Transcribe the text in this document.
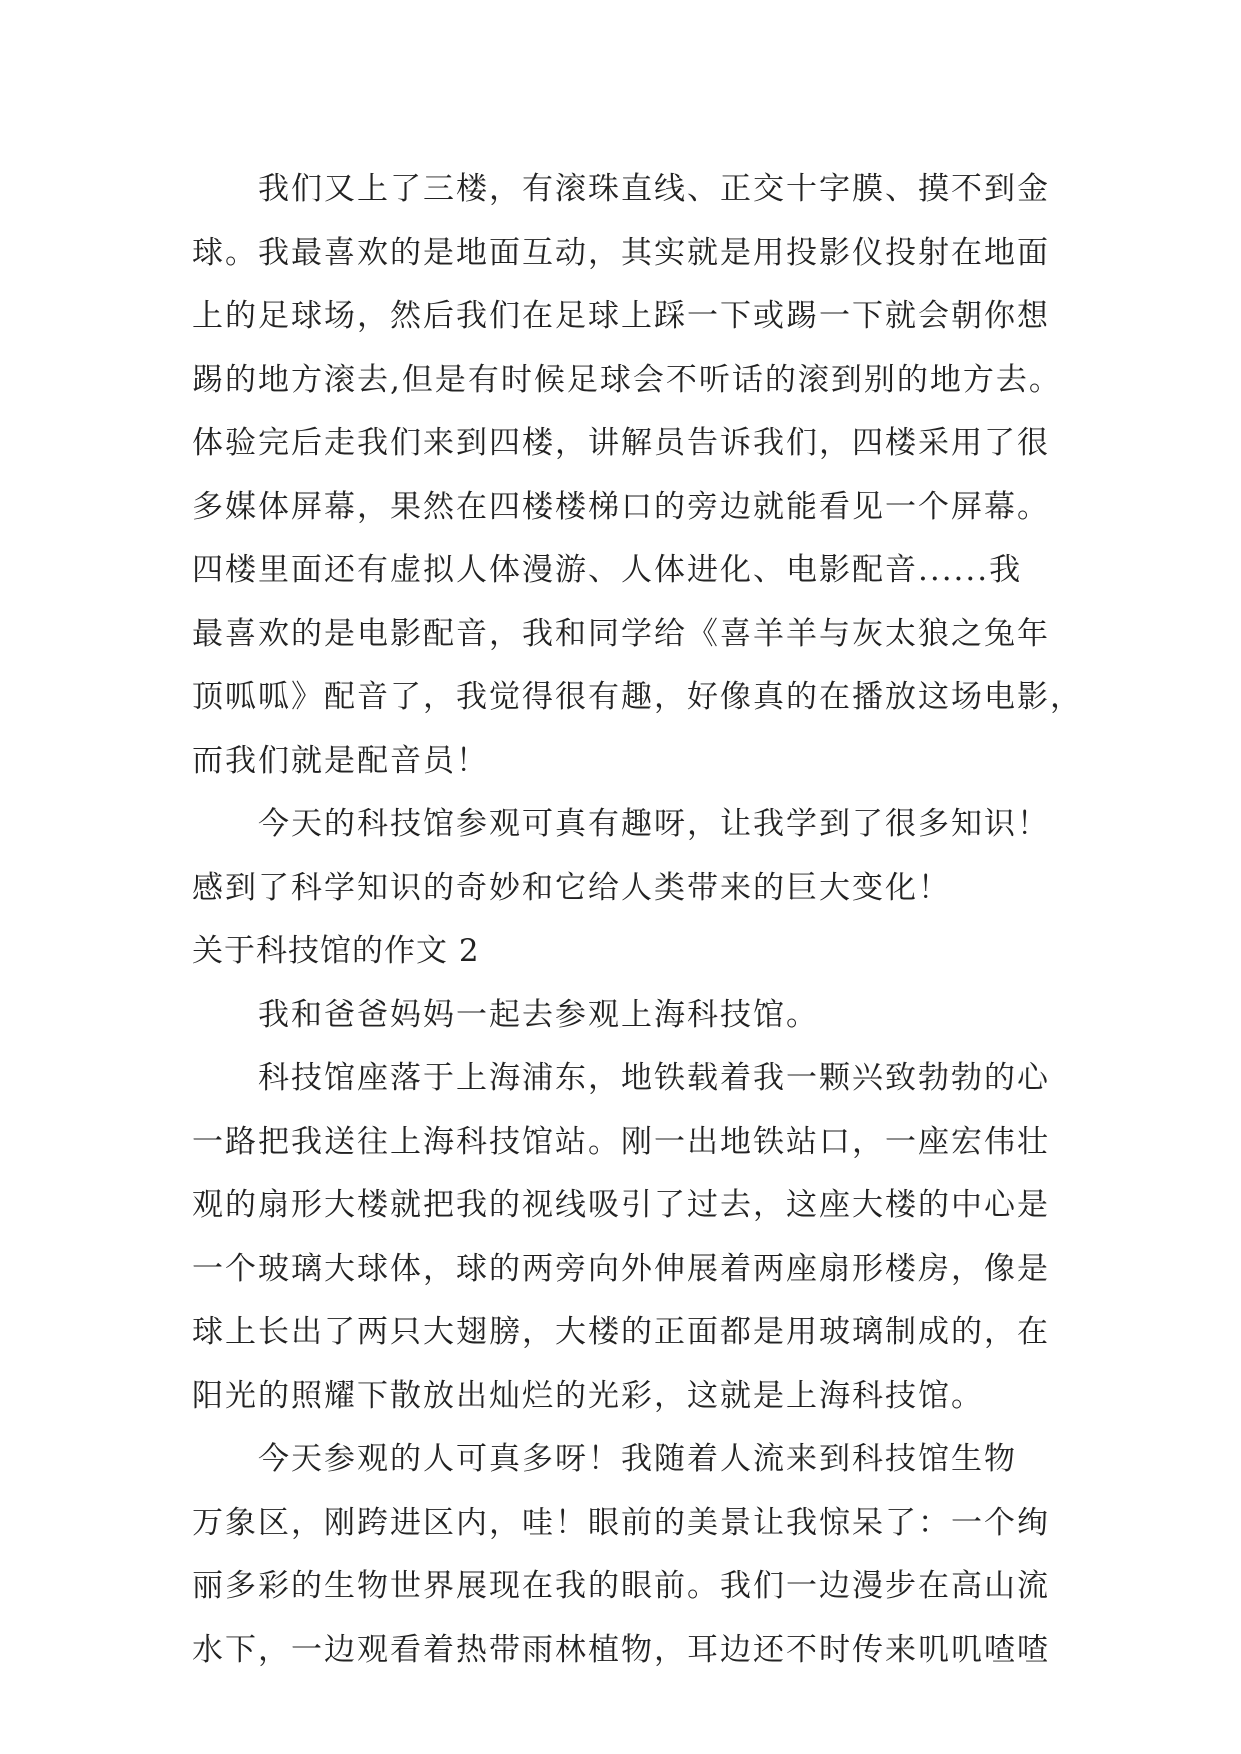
我们又上了三楼，有滚珠直线、正交十字膜、摸不到金
球。我最喜欢的是地面互动，其实就是用投影仪投射在地面
上的足球场，然后我们在足球上踩一下或踢一下就会朝你想
踢的地方滚去,但是有时候足球会不听话的滚到别的地方去。
体验完后走我们来到四楼，讲解员告诉我们，四楼采用了很
多媒体屏幕，果然在四楼楼梯口的旁边就能看见一个屏幕。
四楼里面还有虚拟人体漫游、人体进化、电影配音......我
最喜欢的是电影配音，我和同学给《喜羊羊与灰太狼之兔年
顶呱呱》配音了，我觉得很有趣，好像真的在播放这场电影，
而我们就是配音员！
今天的科技馆参观可真有趣呀，让我学到了很多知识！
感到了科学知识的奇妙和它给人类带来的巨大变化！
关于科技馆的作文 2
我和爸爸妈妈一起去参观上海科技馆。
科技馆座落于上海浦东，地铁载着我一颗兴致勃勃的心
一路把我送往上海科技馆站。刚一出地铁站口，一座宏伟壮
观的扇形大楼就把我的视线吸引了过去，这座大楼的中心是
一个玻璃大球体，球的两旁向外伸展着两座扇形楼房，像是
球上长出了两只大翅膀，大楼的正面都是用玻璃制成的，在
阳光的照耀下散放出灿烂的光彩，这就是上海科技馆。
今天参观的人可真多呀！我随着人流来到科技馆生物
万象区，刚跨进区内，哇！眼前的美景让我惊呆了：一个绚
丽多彩的生物世界展现在我的眼前。我们一边漫步在高山流
水下，一边观看着热带雨林植物，耳边还不时传来叽叽喳喳
